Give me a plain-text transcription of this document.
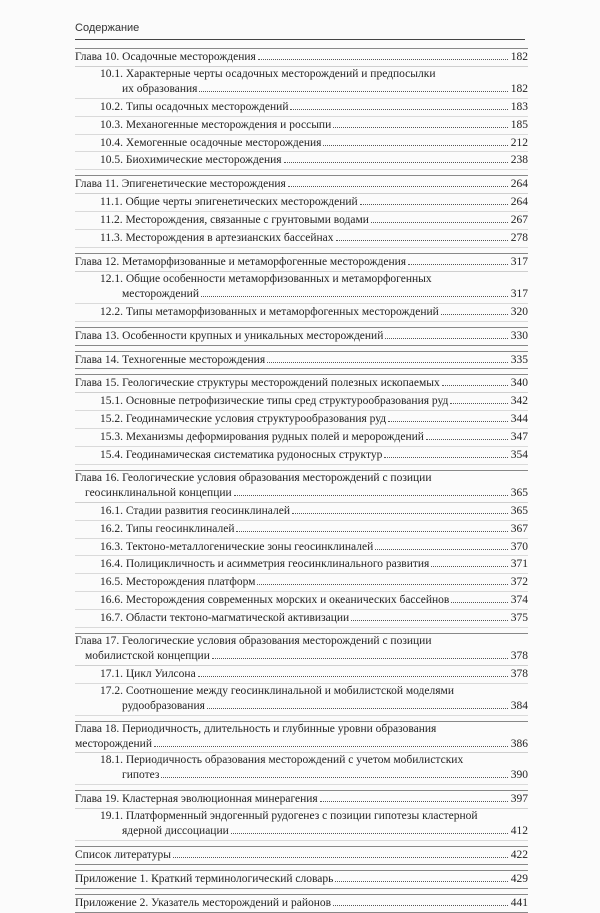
Содержание
Глава 10. Осадочные месторождения	182
10.1. Характерные черты осадочных месторождений и предпосылки
их образования	182
10.2. Типы осадочных месторождений	183
10.3. Механогенные месторождения и россыпи	185
10.4. Хемогенные осадочные месторождения	212
10.5. Биохимические месторождения	238
Глава 11. Эпигенетические месторождения	264
11.1. Общие черты эпигенетических месторождений	264
11.2. Месторождения, связанные с грунтовыми водами	267
11.3. Месторождения в артезианских бассейнах	278
Глава 12. Метаморфизованные и метаморфогенные месторождения	317
12.1. Общие особенности метаморфизованных и метаморфогенных
месторождений	317
12.2. Типы метаморфизованных и метаморфогенных месторождений	320
Глава 13. Особенности крупных и уникальных месторождений	330
Глава 14. Техногенные месторождения	335
Глава 15. Геологические структуры месторождений полезных ископаемых	340
15.1. Основные петрофизические типы сред структурообразования руд	342
15.2. Геодинамические условия структурообразования руд	344
15.3. Механизмы деформирования рудных полей и меророждений	347
15.4. Геодинамическая систематика рудоносных структур	354
Глава 16. Геологические условия образования месторождений с позиции
геосинклинальной концепции	365
16.1. Стадии развития геосинклиналей	365
16.2. Типы геосинклиналей	367
16.3. Тектоно-металлогенические зоны геосинклиналей	370
16.4. Полицикличность и асимметрия геосинклинального развития	371
16.5. Месторождения платформ	372
16.6. Месторождения современных морских и океанических бассейнов	374
16.7. Области тектоно-магматической активизации	375
Глава 17. Геологические условия образования месторождений с позиции
мобилистской концепции	378
17.1. Цикл Уилсона	378
17.2. Соотношение между геосинклинальной и мобилистской моделями
рудообразования	384
Глава 18. Периодичность, длительность и глубинные уровни образования
месторождений	386
18.1. Периодичность образования месторождений с учетом мобилистских
гипотез	390
Глава 19. Кластерная эволюционная минерагения	397
19.1. Платформенный эндогенный рудогенез с позиции гипотезы кластерной
ядерной диссоциации	412
Список литературы	422
Приложение 1. Краткий терминологический словарь	429
Приложение 2. Указатель месторождений и районов	441
